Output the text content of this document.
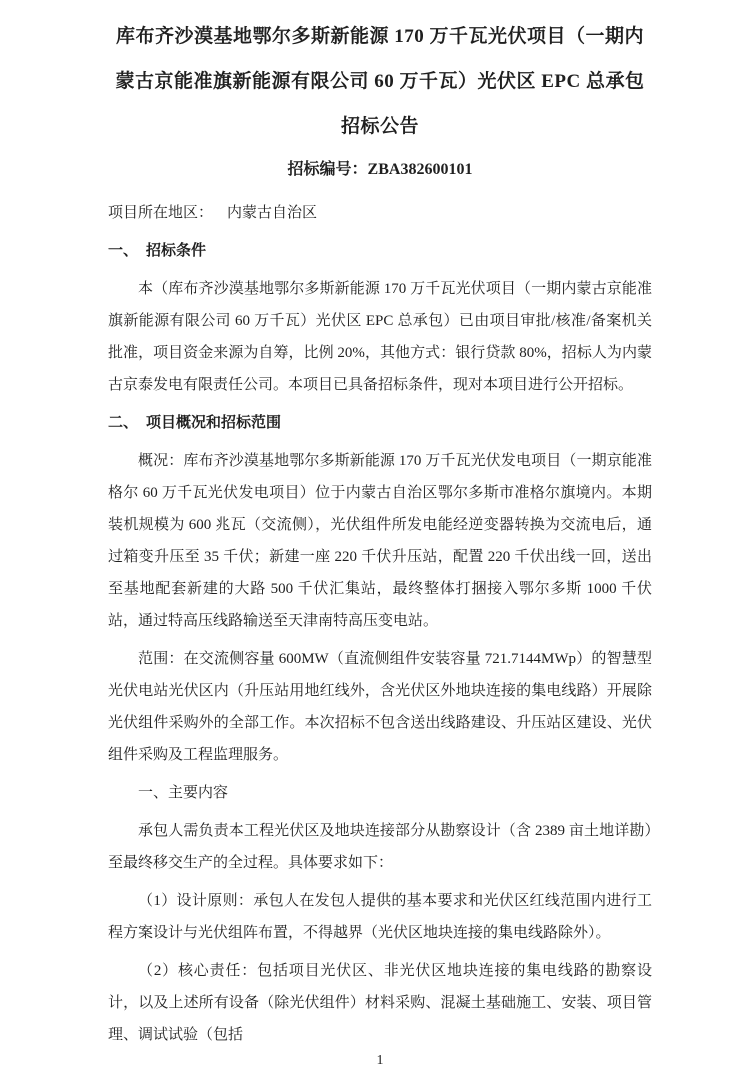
库布齐沙漠基地鄂尔多斯新能源 170 万千瓦光伏项目（一期内蒙古京能准旗新能源有限公司 60 万千瓦）光伏区 EPC 总承包招标公告
招标编号：ZBA382600101
项目所在地区： 内蒙古自治区
一、 招标条件

本（库布齐沙漠基地鄂尔多斯新能源 170 万千瓦光伏项目（一期内蒙古京能准旗新能源有限公司 60 万千瓦）光伏区 EPC 总承包）已由项目审批/核准/备案机关批准，项目资金来源为自筹，比例 20%，其他方式：银行贷款 80%，招标人为内蒙古京泰发电有限责任公司。本项目已具备招标条件，现对本项目进行公开招标。

二、 项目概况和招标范围

概况：库布齐沙漠基地鄂尔多斯新能源 170 万千瓦光伏发电项目（一期京能准格尔 60 万千瓦光伏发电项目）位于内蒙古自治区鄂尔多斯市准格尔旗境内。本期装机规模为 600 兆瓦（交流侧），光伏组件所发电能经逆变器转换为交流电后，通过箱变升压至 35 千伏；新建一座 220 千伏升压站，配置 220 千伏出线一回，送出至基地配套新建的大路 500 千伏汇集站，最终整体打捆接入鄂尔多斯 1000 千伏站，通过特高压线路输送至天津南特高压变电站。

范围：在交流侧容量 600MW（直流侧组件安装容量 721.7144MWp）的智慧型光伏电站光伏区内（升压站用地红线外，含光伏区外地块连接的集电线路）开展除光伏组件采购外的全部工作。本次招标不包含送出线路建设、升压站区建设、光伏组件采购及工程监理服务。

一、主要内容

承包人需负责本工程光伏区及地块连接部分从勘察设计（含 2389 亩土地详勘）至最终移交生产的全过程。具体要求如下：

（1）设计原则：承包人在发包人提供的基本要求和光伏区红线范围内进行工程方案设计与光伏组阵布置，不得越界（光伏区地块连接的集电线路除外）。

（2）核心责任：包括项目光伏区、非光伏区地块连接的集电线路的勘察设计，以及上述所有设备（除光伏组件）材料采购、混凝土基础施工、安装、项目管理、调试试验（包括

1
